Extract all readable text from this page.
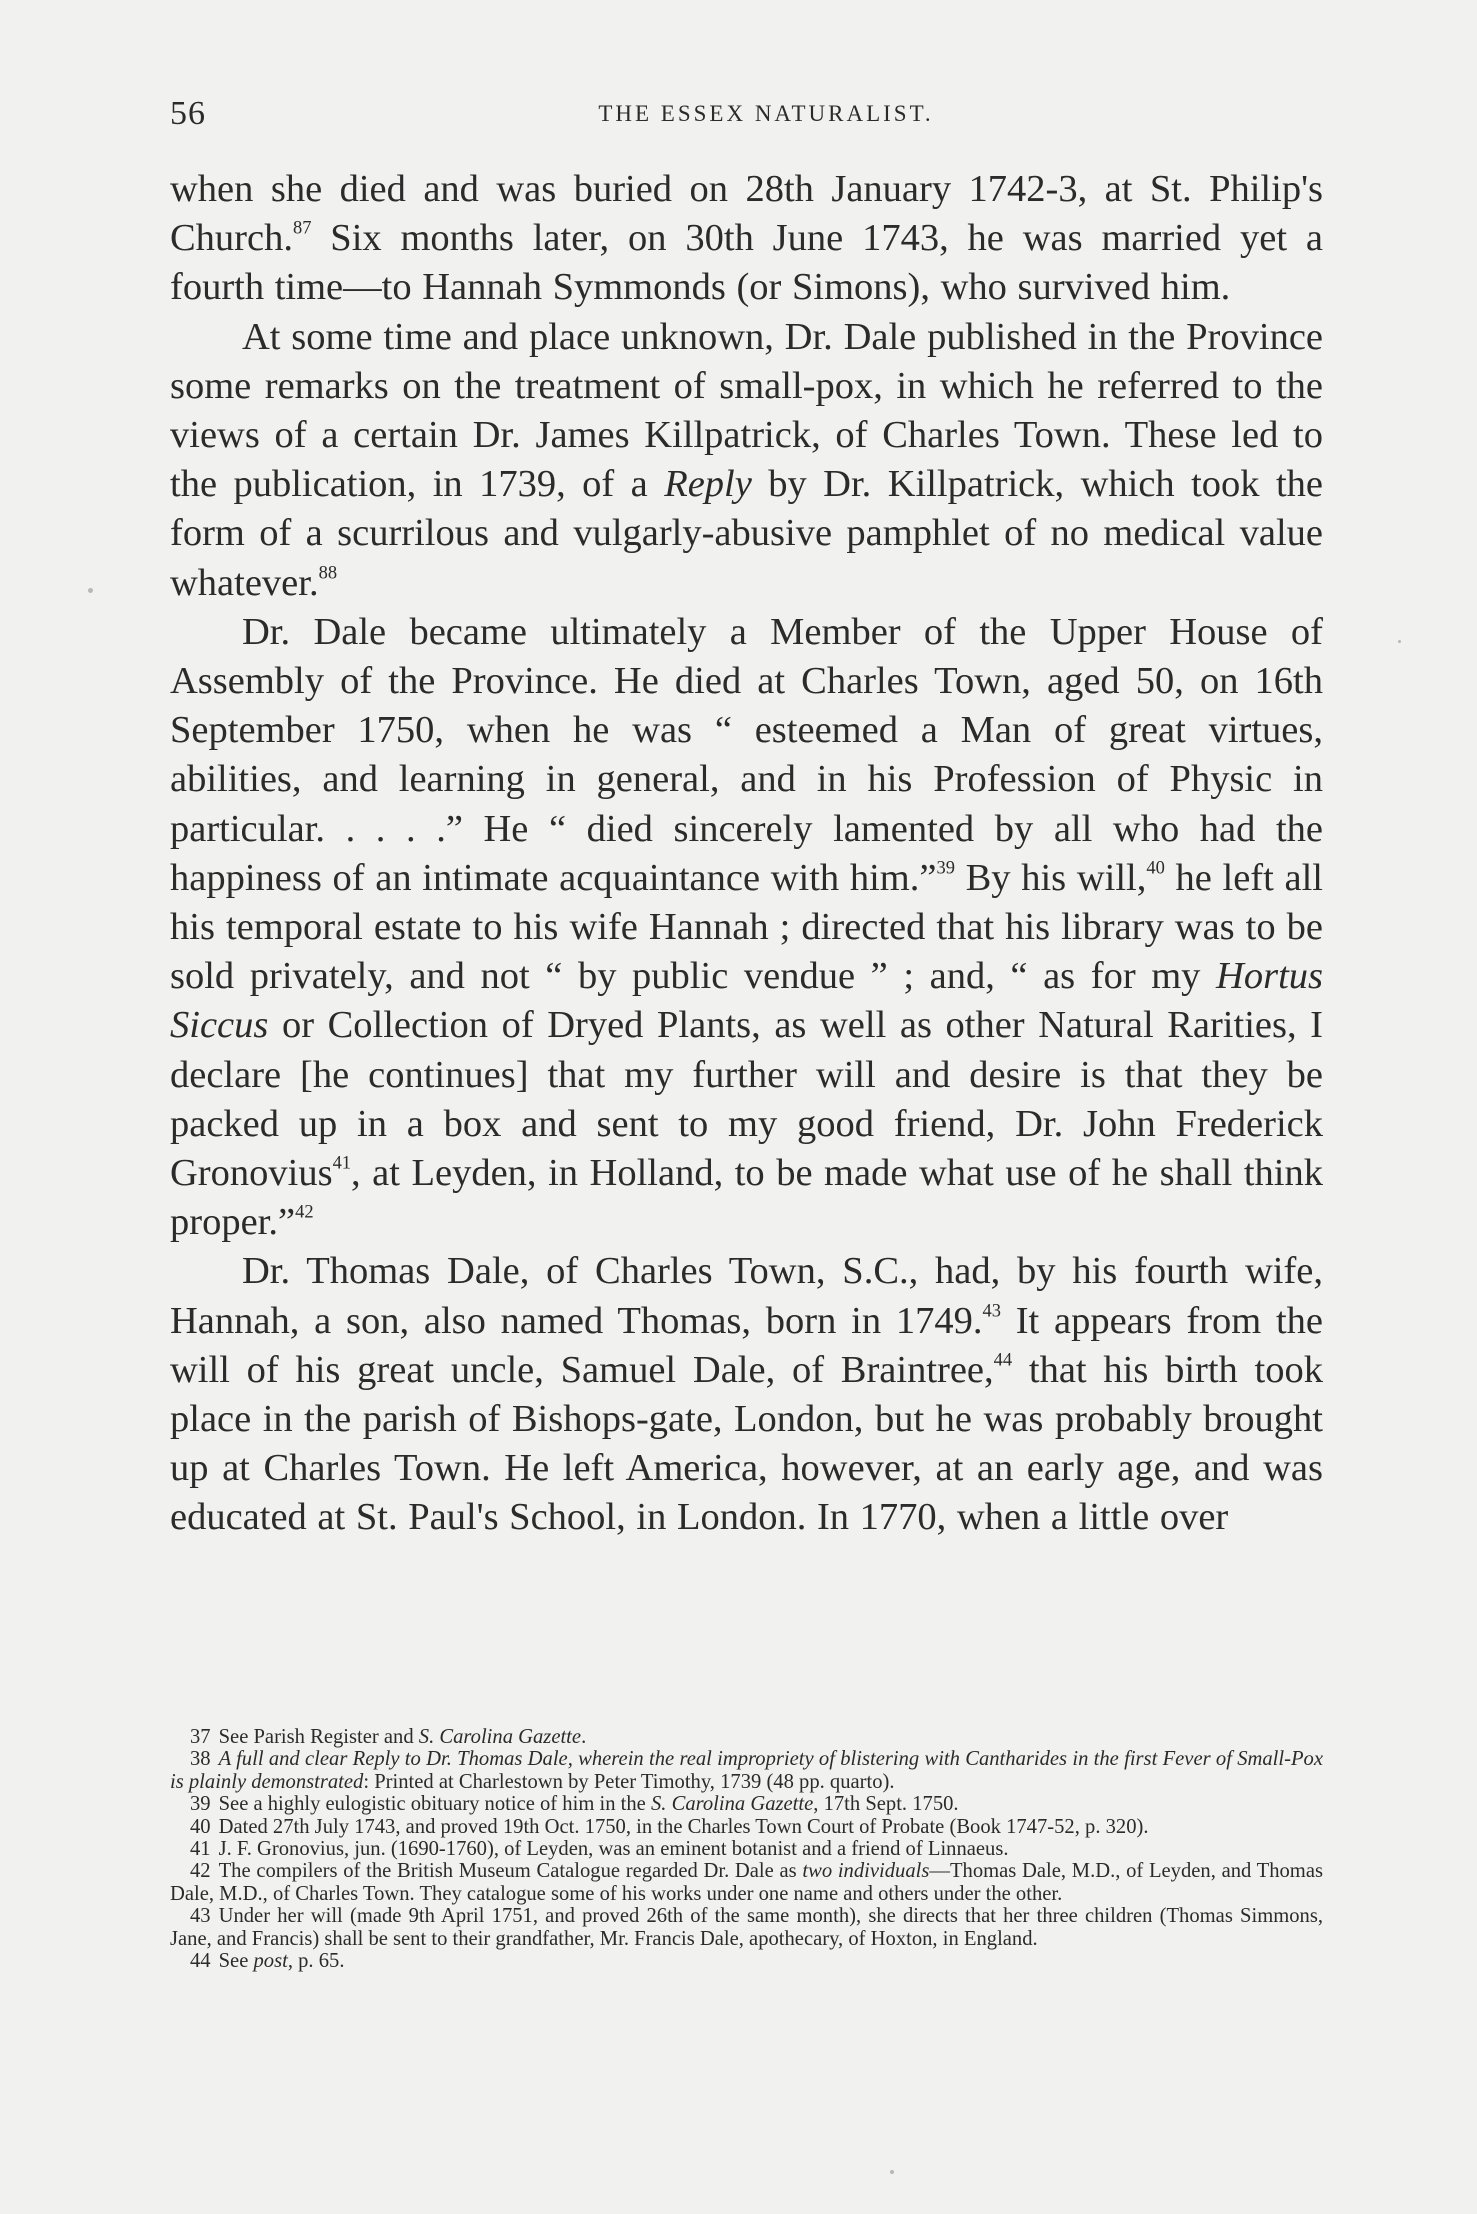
56	THE ESSEX NATURALIST.

when she died and was buried on 28th January 1742-3, at St. Philip's Church.$^{87}$ Six months later, on 30th June 1743, he was married yet a fourth time—to Hannah Symmonds (or Simons), who survived him.

At some time and place unknown, Dr. Dale published in the Province some remarks on the treatment of small-pox, in which he referred to the views of a certain Dr. James Killpatrick, of Charles Town. These led to the publication, in 1739, of a Reply by Dr. Killpatrick, which took the form of a scurrilous and vulgarly-abusive pamphlet of no medical value whatever.$^{88}$

Dr. Dale became ultimately a Member of the Upper House of Assembly of the Province. He died at Charles Town, aged 50, on 16th September 1750, when he was “ esteemed a Man of great virtues, abilities, and learning in general, and in his Profession of Physic in particular. . . . .” He “ died sincerely lamented by all who had the happiness of an intimate acquaintance with him.”$^{39}$ By his will,$^{40}$ he left all his temporal estate to his wife Hannah ; directed that his library was to be sold privately, and not “ by public vendue ” ; and, “ as for my Hortus Siccus or Collection of Dryed Plants, as well as other Natural Rarities, I declare [he continues] that my further will and desire is that they be packed up in a box and sent to my good friend, Dr. John Frederick Gronovius$^{41}$, at Leyden, in Holland, to be made what use of he shall think proper.”$^{42}$

Dr. Thomas Dale, of Charles Town, S.C., had, by his fourth wife, Hannah, a son, also named Thomas, born in 1749.43 It appears from the will of his great uncle, Samuel Dale, of Braintree,$^{44}$ that his birth took place in the parish of Bishops-gate, London, but he was probably brought up at Charles Town. He left America, however, at an early age, and was educated at St. Paul's School, in London. In 1770, when a little over

37 See Parish Register and S. Carolina Gazette.

38 A full and clear Reply to Dr. Thomas Dale, wherein the real impropriety of blistering with Cantharides in the first Fever of Small-Pox is plainly demonstrated: Printed at Charlestown by Peter Timothy, 1739 (48 pp. quarto).

39 See a highly eulogistic obituary notice of him in the S. Carolina Gazette, 17th Sept. 1750.

40 Dated 27th July 1743, and proved 19th Oct. 1750, in the Charles Town Court of Probate (Book 1747-52, p. 320).

41 J. F. Gronovius, jun. (1690-1760), of Leyden, was an eminent botanist and a friend of Linnaeus.

42 The compilers of the British Museum Catalogue regarded Dr. Dale as two individuals—Thomas Dale, M.D., of Leyden, and Thomas Dale, M.D., of Charles Town. They catalogue some of his works under one name and others under the other.

43 Under her will (made 9th April 1751, and proved 26th of the same month), she directs that her three children (Thomas Simmons, Jane, and Francis) shall be sent to their grandfather, Mr. Francis Dale, apothecary, of Hoxton, in England.

44 See post, p. 65.
